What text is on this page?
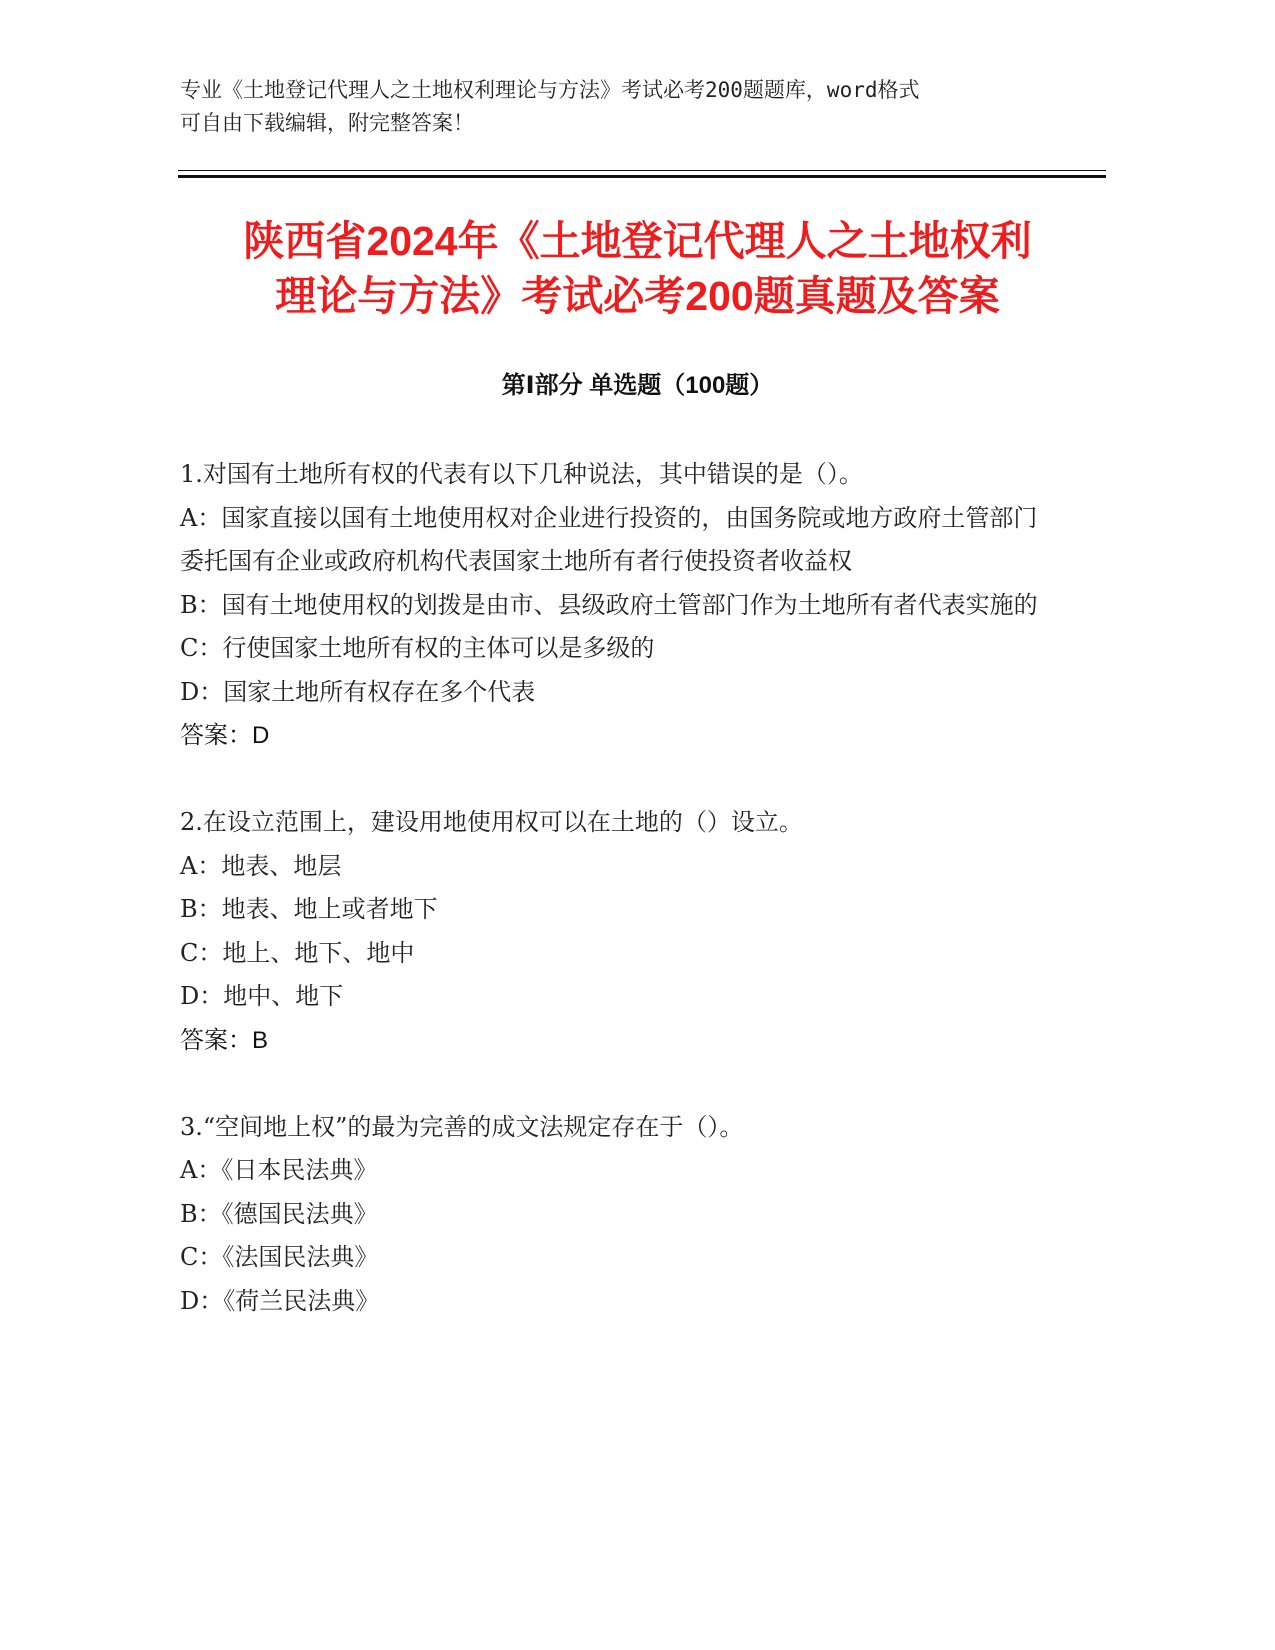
专业《土地登记代理人之土地权利理论与方法》考试必考200题题库，word格式
可自由下载编辑，附完整答案！
陕西省2024年《土地登记代理人之土地权利
理论与方法》考试必考200题真题及答案
第Ⅰ部分 单选题（100题）
1.对国有土地所有权的代表有以下几种说法，其中错误的是（）。
A：国家直接以国有土地使用权对企业进行投资的，由国务院或地方政府土管部门委托国有企业或政府机构代表国家土地所有者行使投资者收益权
B：国有土地使用权的划拨是由市、县级政府土管部门作为土地所有者代表实施的
C：行使国家土地所有权的主体可以是多级的
D：国家土地所有权存在多个代表
答案：D
2.在设立范围上，建设用地使用权可以在土地的（）设立。
A：地表、地层
B：地表、地上或者地下
C：地上、地下、地中
D：地中、地下
答案：B
3.“空间地上权”的最为完善的成文法规定存在于（）。
A：《日本民法典》
B：《德国民法典》
C：《法国民法典》
D：《荷兰民法典》
